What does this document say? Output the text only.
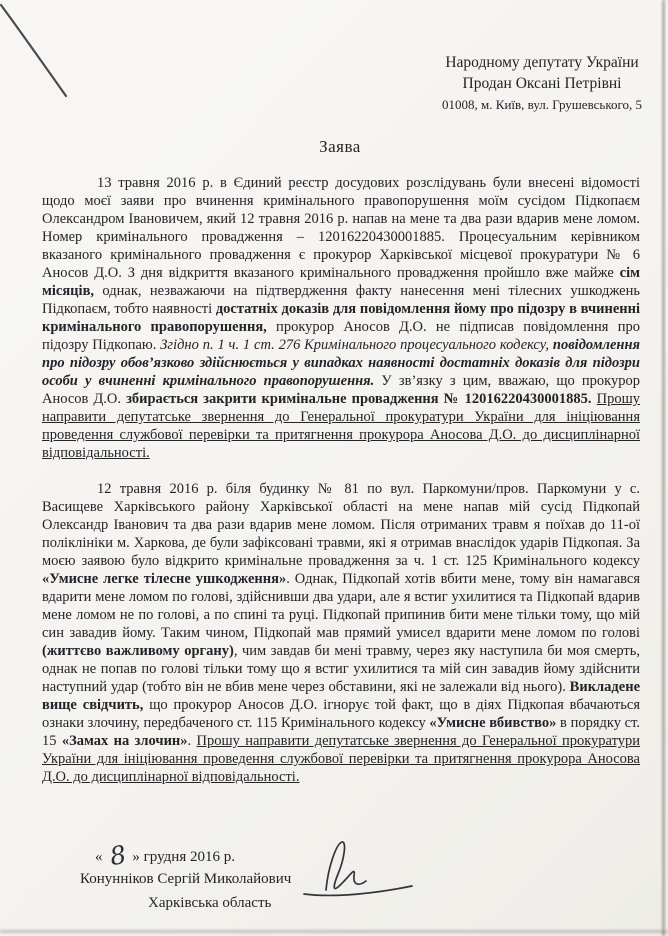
Народному депутату України
Продан Оксані Петрівні
01008, м. Київ, вул. Грушевського, 5
Заява

13 травня 2016 р. в Єдиний реєстр досудових розслідувань були внесені відомості щодо моєї заяви про вчинення кримінального правопорушення моїм сусідом Підкопаєм Олександром Івановичем, який 12 травня 2016 р. напав на мене та два рази вдарив мене ломом. Номер кримінального провадження – 12016220430001885. Процесуальним керівником вказаного кримінального провадження є прокурор Харківської місцевої прокуратури № 6 Аносов Д.О. З дня відкриття вказаного кримінального провадження пройшло вже майже сім місяців, однак, незважаючи на підтвердження факту нанесення мені тілесних ушкоджень Підкопаєм, тобто наявності достатніх доказів для повідомлення йому про підозру в вчиненні кримінального правопорушення, прокурор Аносов Д.О. не підписав повідомлення про підозру Підкопаю. Згідно п. 1 ч. 1 ст. 276 Кримінального процесуального кодексу, повідомлення про підозру обов’язково здійснюється у випадках наявності достатніх доказів для підозри особи у вчиненні кримінального правопорушення. У зв’язку з цим, вважаю, що прокурор Аносов Д.О. збирається закрити кримінальне провадження № 12016220430001885. Прошу направити депутатське звернення до Генеральної прокуратури України для ініціювання проведення службової перевірки та притягнення прокурора Аносова Д.О. до дисциплінарної відповідальності.

12 травня 2016 р. біля будинку № 81 по вул. Паркомуни/пров. Паркомуни у с. Васищеве Харківського району Харківської області на мене напав мій сусід Підкопай Олександр Іванович та два рази вдарив мене ломом. Після отриманих травм я поїхав до 11-ої поліклініки м. Харкова, де були зафіксовані травми, які я отримав внаслідок ударів Підкопая. За моєю заявою було відкрито кримінальне провадження за ч. 1 ст. 125 Кримінального кодексу «Умисне легке тілесне ушкодження». Однак, Підкопай хотів вбити мене, тому він намагався вдарити мене ломом по голові, здійснивши два удари, але я встиг ухилитися та Підкопай вдарив мене ломом не по голові, а по спині та руці. Підкопай припинив бити мене тільки тому, що мій син завадив йому. Таким чином, Підкопай мав прямий умисел вдарити мене ломом по голові (життєво важливому органу), чим завдав би мені травму, через яку наступила би моя смерть, однак не попав по голові тільки тому що я встиг ухилитися та мій син завадив йому здійснити наступний удар (тобто він не вбив мене через обставини, які не залежали від нього). Викладене вище свідчить, що прокурор Аносов Д.О. ігнорує той факт, що в діях Підкопая вбачаються ознаки злочину, передбаченого ст. 115 Кримінального кодексу «Умисне вбивство» в порядку ст. 15 «Замах на злочин». Прошу направити депутатське звернення до Генеральної прокуратури України для ініціювання проведення службової перевірки та притягнення прокурора Аносова Д.О. до дисциплінарної відповідальності.

« 8 » грудня 2016 р.
Конунніков Сергій Миколайович
Харківська область
